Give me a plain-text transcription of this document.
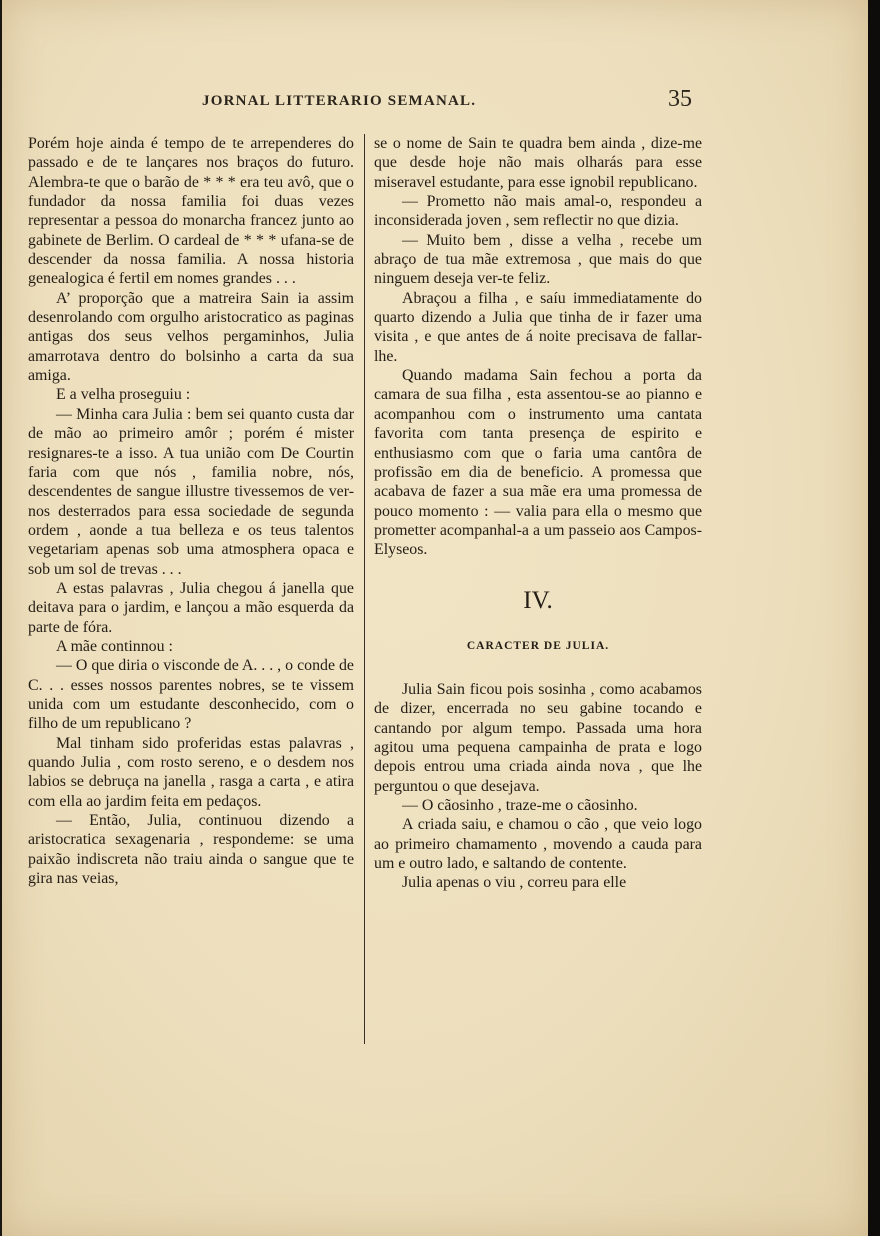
JORNAL LITTERARIO SEMANAL.	35

Porém hoje ainda é tempo de te arrependeres do passado e de te lançares nos braços do futuro. Alembra-te que o barão de * * * era teu avô, que o fundador da nossa familia foi duas vezes representar a pessoa do monarcha francez junto ao gabinete de Berlim. O cardeal de * * * ufana-se de descender da nossa familia. A nossa historia genealogica é fertil em nomes grandes . . .

A’ proporção que a matreira Sain ia assim desenrolando com orgulho aristocratico as paginas antigas dos seus velhos pergaminhos, Julia amarrotava dentro do bolsinho a carta da sua amiga.

E a velha proseguiu :

— Minha cara Julia : bem sei quanto custa dar de mão ao primeiro amôr ; porém é mister resignares-te a isso. A tua união com De Courtin faria com que nós , familia nobre, nós, descendentes de sangue illustre tivessemos de ver-nos desterrados para essa sociedade de segunda ordem , aonde a tua belleza e os teus talentos vegetariam apenas sob uma atmosphera opaca e sob um sol de trevas . . .

A estas palavras , Julia chegou á janella que deitava para o jardim, e lançou a mão esquerda da parte de fóra.

A mãe continnou :

— O que diria o visconde de A. . . , o conde de C. . . esses nossos parentes nobres, se te vissem unida com um estudante desconhecido, com o filho de um republicano ?

Mal tinham sido proferidas estas palavras , quando Julia , com rosto sereno, e o desdem nos labios se debruça na janella , rasga a carta , e atira com ella ao jardim feita em pedaços.

— Então, Julia, continuou dizendo a aristocratica sexagenaria , respondeme: se uma paixão indiscreta não traiu ainda o sangue que te gira nas veias,

se o nome de Sain te quadra bem ainda , dize-me que desde hoje não mais olharás para esse miseravel estudante, para esse ignobil republicano.

— Prometto não mais amal-o, respondeu a inconsiderada joven , sem reflectir no que dizia.

— Muito bem , disse a velha , recebe um abraço de tua mãe extremosa , que mais do que ninguem deseja ver-te feliz.

Abraçou a filha , e saíu immediatamente do quarto dizendo a Julia que tinha de ir fazer uma visita , e que antes de á noite precisava de fallar-lhe.

Quando madama Sain fechou a porta da camara de sua filha , esta assentou-se ao pianno e acompanhou com o instrumento uma cantata favorita com tanta presença de espirito e enthusiasmo com que o faria uma cantôra de profissão em dia de beneficio. A promessa que acabava de fazer a sua mãe era uma promessa de pouco momento : — valia para ella o mesmo que prometter acompanhal-a a um passeio aos Campos-Elyseos.

IV.
CARACTER DE JULIA.

Julia Sain ficou pois sosinha , como acabamos de dizer, encerrada no seu gabine tocando e cantando por algum tempo. Passada uma hora agitou uma pequena campainha de prata e logo depois entrou uma criada ainda nova , que lhe perguntou o que desejava.

— O cãosinho , traze-me o cãosinho.

A criada saiu, e chamou o cão , que veio logo ao primeiro chamamento , movendo a cauda para um e outro lado, e saltando de contente.

Julia apenas o viu , correu para elle
